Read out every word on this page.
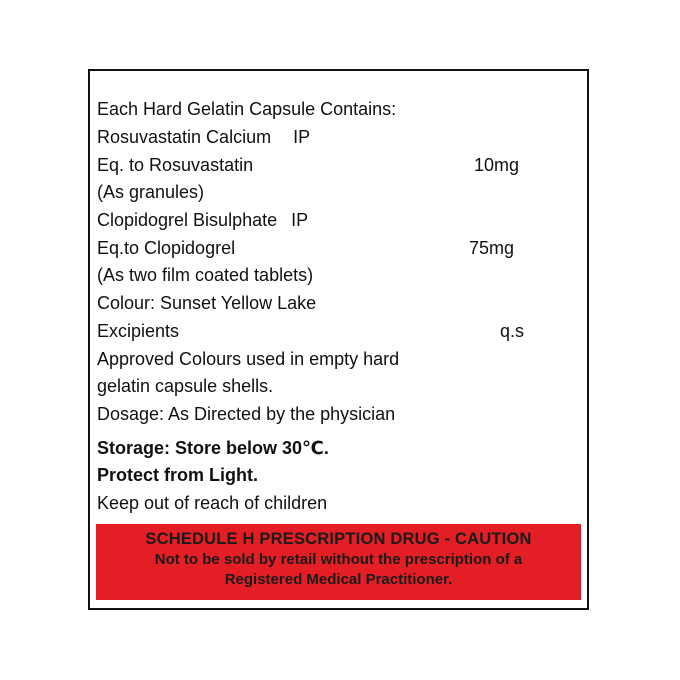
Each Hard Gelatin Capsule Contains:
Rosuvastatin Calcium IP
Eq. to Rosuvastatin	10mg
(As granules)
Clopidogrel Bisulphate IP
Eq.to Clopidogrel	75mg
(As two film coated tablets)
Colour: Sunset Yellow Lake
Excipients	q.s
Approved Colours used in empty hard
gelatin capsule shells.
Dosage: As Directed by the physician
Storage: Store below 30℃.
Protect from Light.
Keep out of reach of children
SCHEDULE H PRESCRIPTION DRUG - CAUTION
Not to be sold by retail without the prescription of a
Registered Medical Practitioner.
